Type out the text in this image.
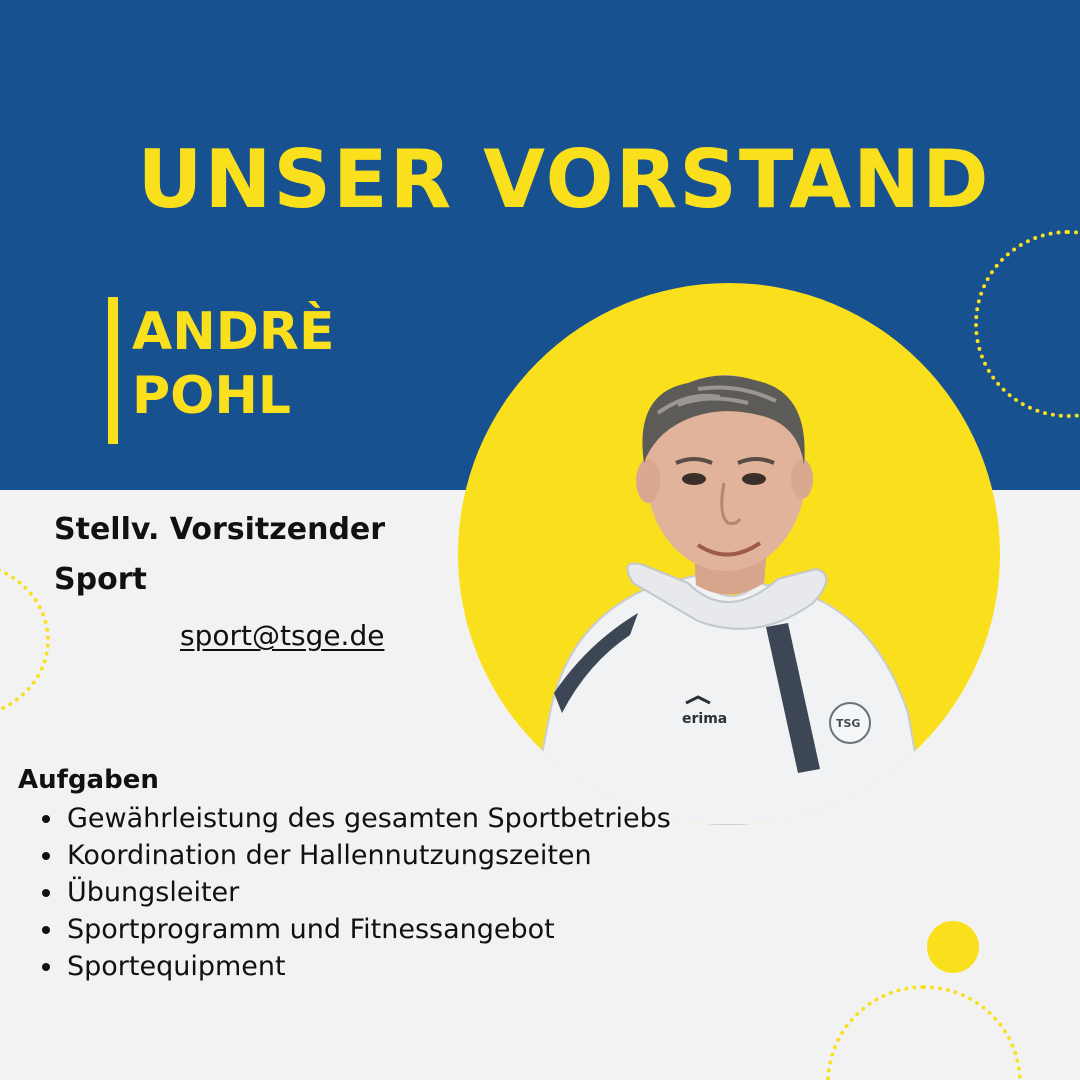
UNSER VORSTAND
ANDRÈ
POHL
erima	TSG
Stellv. Vorsitzender
Sport
sport@tsge.de
Aufgaben
Gewährleistung des gesamten Sportbetriebs
Koordination der Hallennutzungszeiten
Übungsleiter
Sportprogramm und Fitnessangebot
Sportequipment
